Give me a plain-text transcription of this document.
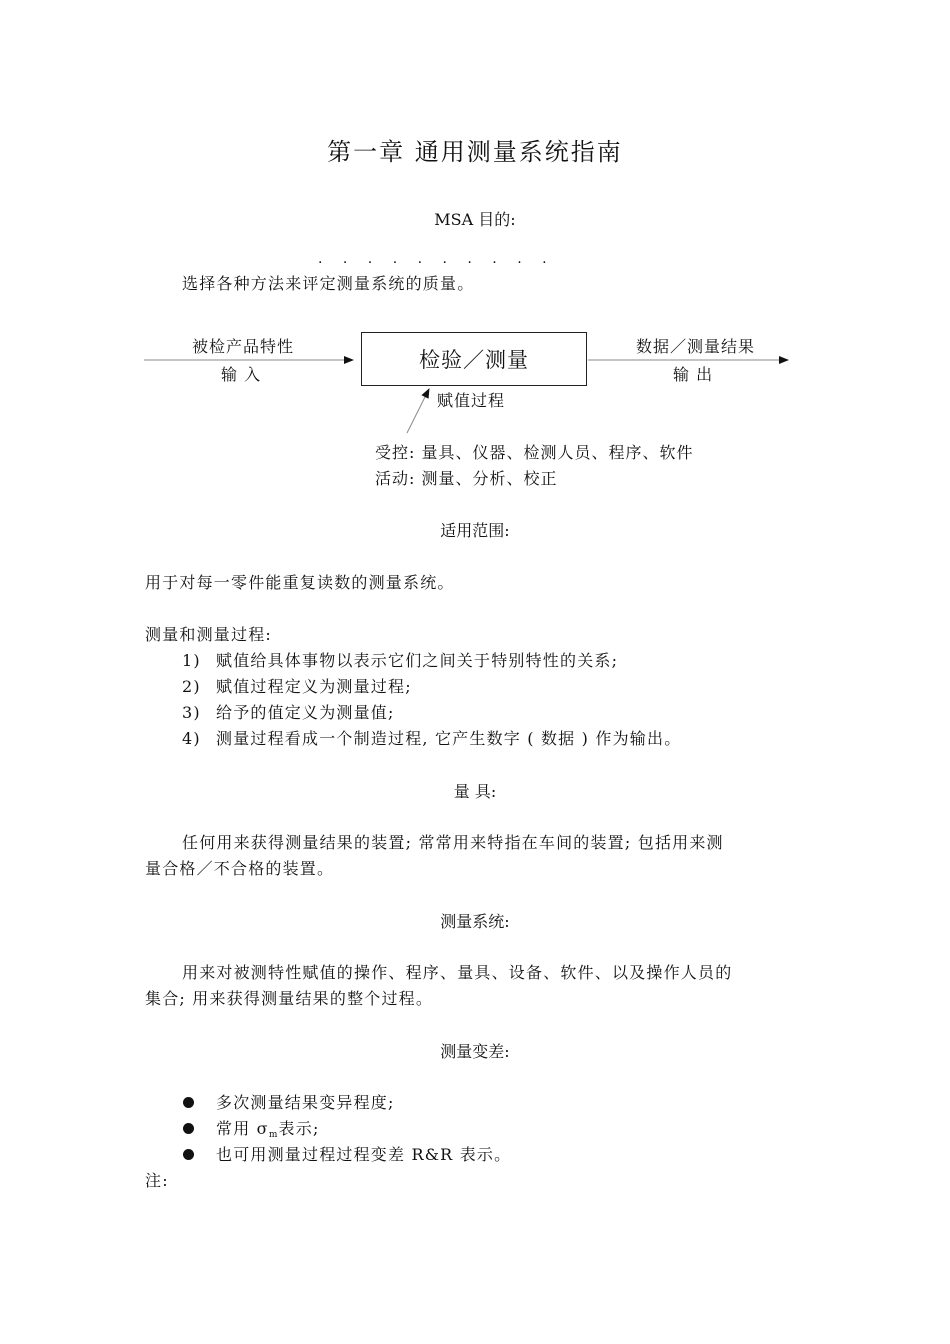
第一章 通用测量系统指南
MSA 目的:
. . . . . . . . . .
选择各种方法来评定测量系统的质量。
被检产品特性
输 入
检验／测量
数据／测量结果
输 出
赋值过程
受控: 量具、仪器、检测人员、程序、软件
活动: 测量、分析、校正
适用范围:
用于对每一零件能重复读数的测量系统。
测量和测量过程:
1) 赋值给具体事物以表示它们之间关于特别特性的关系;
2) 赋值过程定义为测量过程;
3) 给予的值定义为测量值;
4) 测量过程看成一个制造过程, 它产生数字 ( 数据 ) 作为输出。
量 具:
任何用来获得测量结果的装置; 常常用来特指在车间的装置; 包括用来测
量合格／不合格的装置。
测量系统:
用来对被测特性赋值的操作、程序、量具、设备、软件、以及操作人员的
集合; 用来获得测量结果的整个过程。
测量变差:
多次测量结果变异程度;
常用 σm表示;
也可用测量过程过程变差 R&R 表示。
注:
